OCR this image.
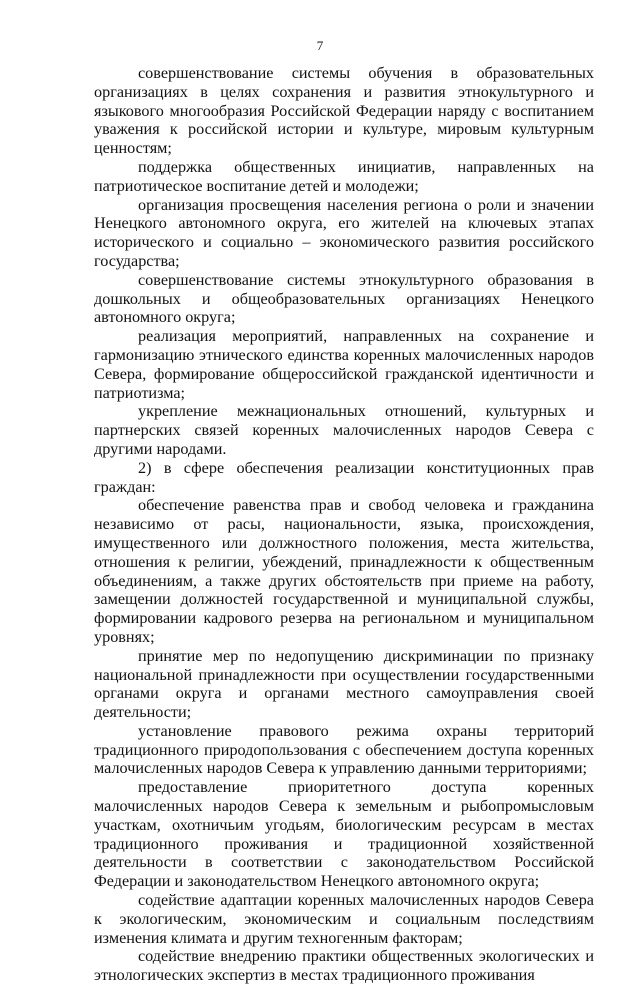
7

совершенствование системы обучения в образовательных организациях в целях сохранения и развития этнокультурного и языкового многообразия Российской Федерации наряду с воспитанием уважения к российской истории и культуре, мировым культурным ценностям;

поддержка общественных инициатив, направленных на патриотическое воспитание детей и молодежи;

организация просвещения населения региона о роли и значении Ненецкого автономного округа, его жителей на ключевых этапах исторического и социально – экономического развития российского государства;

совершенствование системы этнокультурного образования в дошкольных и общеобразовательных организациях Ненецкого автономного округа;

реализация мероприятий, направленных на сохранение и гармонизацию этнического единства коренных малочисленных народов Севера, формирование общероссийской гражданской идентичности и патриотизма;

укрепление межнациональных отношений, культурных и партнерских связей коренных малочисленных народов Севера с другими народами.

2) в сфере обеспечения реализации конституционных прав граждан:

обеспечение равенства прав и свобод человека и гражданина независимо от расы, национальности, языка, происхождения, имущественного или должностного положения, места жительства, отношения к религии, убеждений, принадлежности к общественным объединениям, а также других обстоятельств при приеме на работу, замещении должностей государственной и муниципальной службы, формировании кадрового резерва на региональном и муниципальном уровнях;

принятие мер по недопущению дискриминации по признаку национальной принадлежности при осуществлении государственными органами округа и органами местного самоуправления своей деятельности;

установление правового режима охраны территорий традиционного природопользования с обеспечением доступа коренных малочисленных народов Севера к управлению данными территориями;

предоставление приоритетного доступа коренных малочисленных народов Севера к земельным и рыбопромысловым участкам, охотничьим угодьям, биологическим ресурсам в местах традиционного проживания и традиционной хозяйственной деятельности в соответствии с законодательством Российской Федерации и законодательством Ненецкого автономного округа;

содействие адаптации коренных малочисленных народов Севера к экологическим, экономическим и социальным последствиям изменения климата и другим техногенным факторам;

содействие внедрению практики общественных экологических и этнологических экспертиз в местах традиционного проживания
